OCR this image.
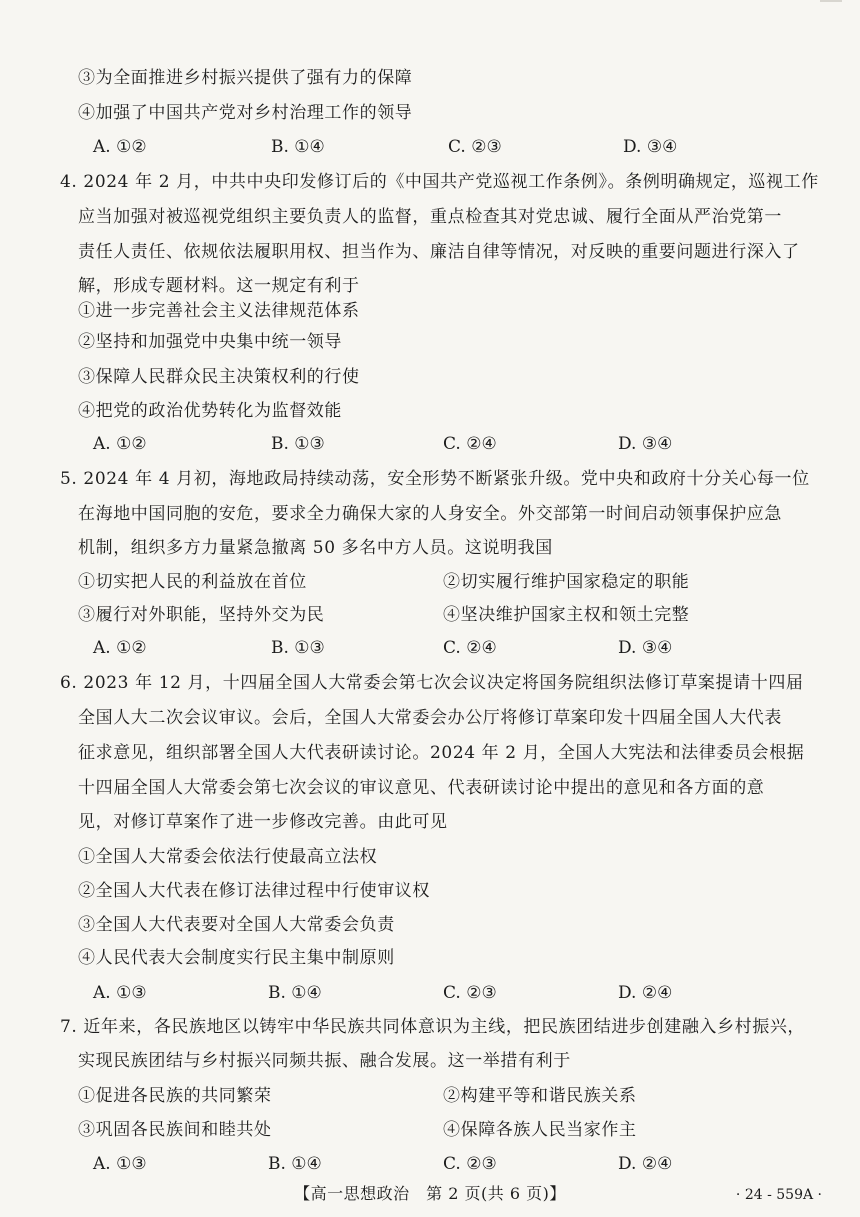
③为全面推进乡村振兴提供了强有力的保障
④加强了中国共产党对乡村治理工作的领导
A. ①②	B. ①④	C. ②③	D. ③④
4. 2024 年 2 月，中共中央印发修订后的《中国共产党巡视工作条例》。条例明确规定，巡视工作
应当加强对被巡视党组织主要负责人的监督，重点检查其对党忠诚、履行全面从严治党第一
责任人责任、依规依法履职用权、担当作为、廉洁自律等情况，对反映的重要问题进行深入了
解，形成专题材料。这一规定有利于
①进一步完善社会主义法律规范体系
②坚持和加强党中央集中统一领导
③保障人民群众民主决策权利的行使
④把党的政治优势转化为监督效能
A. ①②	B. ①③	C. ②④	D. ③④
5. 2024 年 4 月初，海地政局持续动荡，安全形势不断紧张升级。党中央和政府十分关心每一位
在海地中国同胞的安危，要求全力确保大家的人身安全。外交部第一时间启动领事保护应急
机制，组织多方力量紧急撤离 50 多名中方人员。这说明我国
①切实把人民的利益放在首位	②切实履行维护国家稳定的职能
③履行对外职能，坚持外交为民	④坚决维护国家主权和领土完整
A. ①②	B. ①③	C. ②④	D. ③④
6. 2023 年 12 月，十四届全国人大常委会第七次会议决定将国务院组织法修订草案提请十四届
全国人大二次会议审议。会后，全国人大常委会办公厅将修订草案印发十四届全国人大代表
征求意见，组织部署全国人大代表研读讨论。2024 年 2 月，全国人大宪法和法律委员会根据
十四届全国人大常委会第七次会议的审议意见、代表研读讨论中提出的意见和各方面的意
见，对修订草案作了进一步修改完善。由此可见
①全国人大常委会依法行使最高立法权
②全国人大代表在修订法律过程中行使审议权
③全国人大代表要对全国人大常委会负责
④人民代表大会制度实行民主集中制原则
A. ①③	B. ①④	C. ②③	D. ②④
7. 近年来，各民族地区以铸牢中华民族共同体意识为主线，把民族团结进步创建融入乡村振兴，
实现民族团结与乡村振兴同频共振、融合发展。这一举措有利于
①促进各民族的共同繁荣	②构建平等和谐民族关系
③巩固各民族间和睦共处	④保障各族人民当家作主
A. ①③	B. ①④	C. ②③	D. ②④
【高一思想政治　第 2 页(共 6 页)】	· 24 - 559A ·
